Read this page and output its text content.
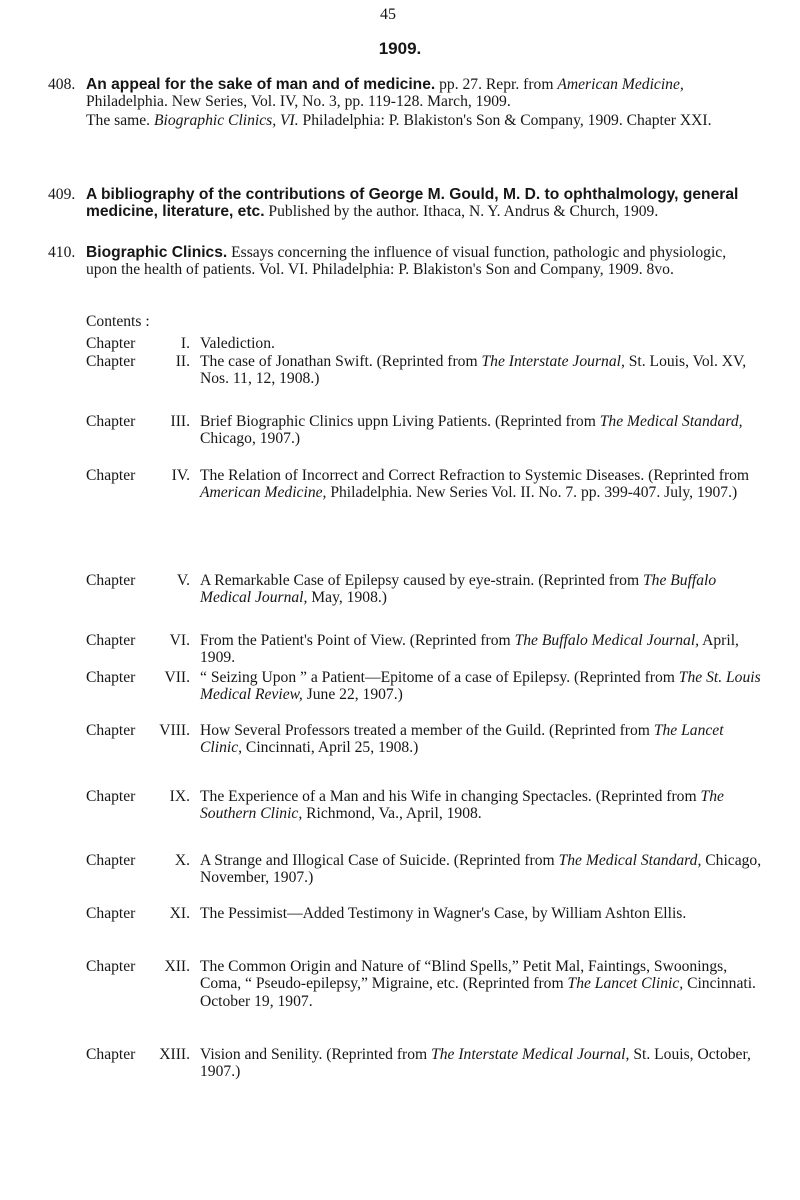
45
1909.
408. An appeal for the sake of man and of medicine. pp. 27. Repr. from American Medicine, Philadelphia. New Series, Vol. IV, No. 3, pp. 119-128. March, 1909.
The same. Biographic Clinics, VI. Philadelphia: P. Blakiston's Son & Company, 1909. Chapter XXI.
409. A bibliography of the contributions of George M. Gould, M. D. to ophthalmology, general medicine, literature, etc. Published by the author. Ithaca, N. Y. Andrus & Church, 1909.
410. Biographic Clinics. Essays concerning the influence of visual function, pathologic and physiologic, upon the health of patients. Vol. VI. Philadelphia: P. Blakiston's Son and Company, 1909. 8vo.
Contents :
Chapter	I. Valediction.
Chapter	II. The case of Jonathan Swift. (Reprinted from The Interstate Journal, St. Louis, Vol. XV, Nos. 11, 12, 1908.)
Chapter	III. Brief Biographic Clinics uppn Living Patients. (Reprinted from The Medical Standard, Chicago, 1907.)
Chapter	IV. The Relation of Incorrect and Correct Refraction to Systemic Diseases. (Reprinted from American Medicine, Philadelphia. New Series Vol. II. No. 7. pp. 399-407. July, 1907.)
Chapter	V. A Remarkable Case of Epilepsy caused by eye-strain. (Reprinted from The Buffalo Medical Journal, May, 1908.)
Chapter	VI. From the Patient's Point of View. (Reprinted from The Buffalo Medical Journal, April, 1909.
Chapter	VII. “ Seizing Upon ” a Patient—Epitome of a case of Epilepsy. (Reprinted from The St. Louis Medical Review, June 22, 1907.)
Chapter	VIII. How Several Professors treated a member of the Guild. (Reprinted from The Lancet Clinic, Cincinnati, April 25, 1908.)
Chapter	IX. The Experience of a Man and his Wife in changing Spectacles. (Reprinted from The Southern Clinic, Richmond, Va., April, 1908.
Chapter	X. A Strange and Illogical Case of Suicide. (Reprinted from The Medical Standard, Chicago, November, 1907.)
Chapter	XI. The Pessimist—Added Testimony in Wagner's Case, by William Ashton Ellis.
Chapter	XII. The Common Origin and Nature of “Blind Spells,” Petit Mal, Faintings, Swoonings, Coma, “ Pseudo-epilepsy,” Migraine, etc. (Reprinted from The Lancet Clinic, Cincinnati. October 19, 1907.
Chapter	XIII. Vision and Senility. (Reprinted from The Interstate Medical Journal, St. Louis, October, 1907.)
